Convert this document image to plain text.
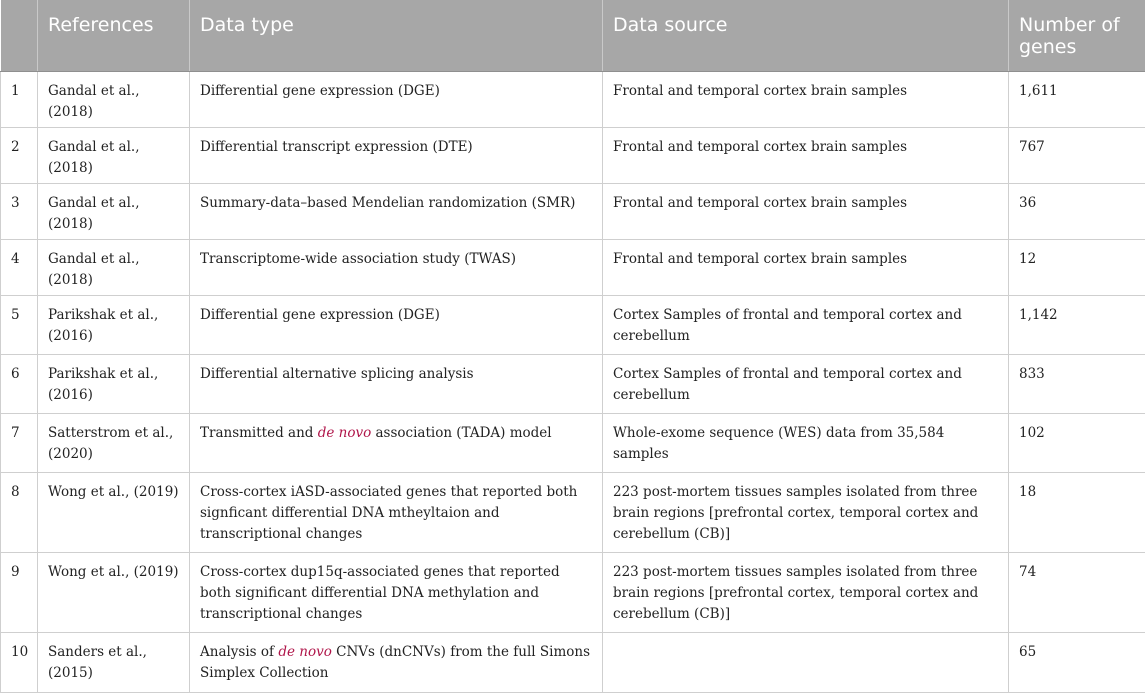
	References	Data type	Data source	Number of genes
1	Gandal et al., (2018)	Differential gene expression (DGE)	Frontal and temporal cortex brain samples	1,611
2	Gandal et al., (2018)	Differential transcript expression (DTE)	Frontal and temporal cortex brain samples	767
3	Gandal et al., (2018)	Summary-data–based Mendelian randomization (SMR)	Frontal and temporal cortex brain samples	36
4	Gandal et al., (2018)	Transcriptome-wide association study (TWAS)	Frontal and temporal cortex brain samples	12
5	Parikshak et al., (2016)	Differential gene expression (DGE)	Cortex Samples of frontal and temporal cortex and cerebellum	1,142
6	Parikshak et al., (2016)	Differential alternative splicing analysis	Cortex Samples of frontal and temporal cortex and cerebellum	833
7	Satterstrom et al., (2020)	Transmitted and de novo association (TADA) model	Whole-exome sequence (WES) data from 35,584 samples	102
8	Wong et al., (2019)	Cross-cortex iASD-associated genes that reported both signficant differential DNA mtheyltaion and transcriptional changes	223 post-mortem tissues samples isolated from three brain regions [prefrontal cortex, temporal cortex and cerebellum (CB)]	18
9	Wong et al., (2019)	Cross-cortex dup15q-associated genes that reported both significant differential DNA methylation and transcriptional changes	223 post-mortem tissues samples isolated from three brain regions [prefrontal cortex, temporal cortex and cerebellum (CB)]	74
10	Sanders et al., (2015)	Analysis of de novo CNVs (dnCNVs) from the full Simons Simplex Collection		65
